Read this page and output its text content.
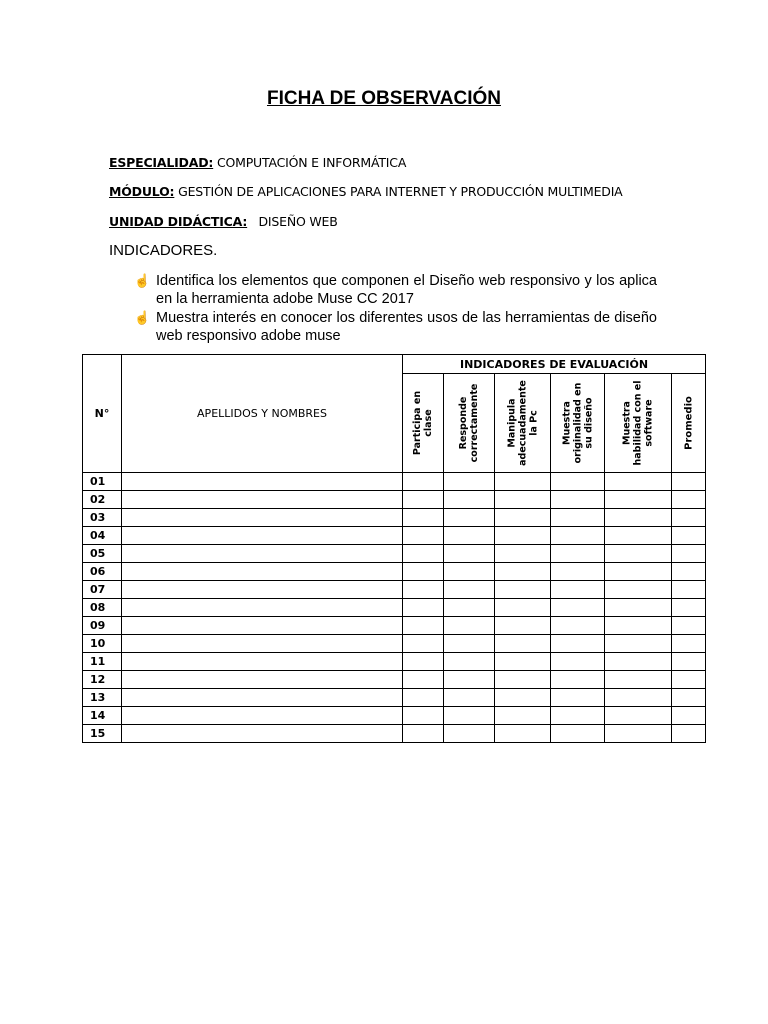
FICHA DE OBSERVACIÓN
ESPECIALIDAD: COMPUTACIÓN E INFORMÁTICA
MÓDULO: GESTIÓN DE APLICACIONES PARA INTERNET Y PRODUCCIÓN MULTIMEDIA
UNIDAD DIDÁCTICA: DISEÑO WEB
INDICADORES.
☝ Identifica los elementos que componen el Diseño web responsivo y los aplica en la herramienta adobe Muse CC 2017
☝ Muestra interés en conocer los diferentes usos de las herramientas de diseño web responsivo adobe muse
N°	APELLIDOS Y NOMBRES	INDICADORES DE EVALUACIÓN					

		Participa en clase	Responde correctamente	Manipula adecuadamente la Pc	Muestra originalidad en su diseño	Muestra habilidad con el software	Promedio

01							
02							
03							
04							
05							
06							
07							
08							
09							
10							
11							
12							
13							
14							
15							
